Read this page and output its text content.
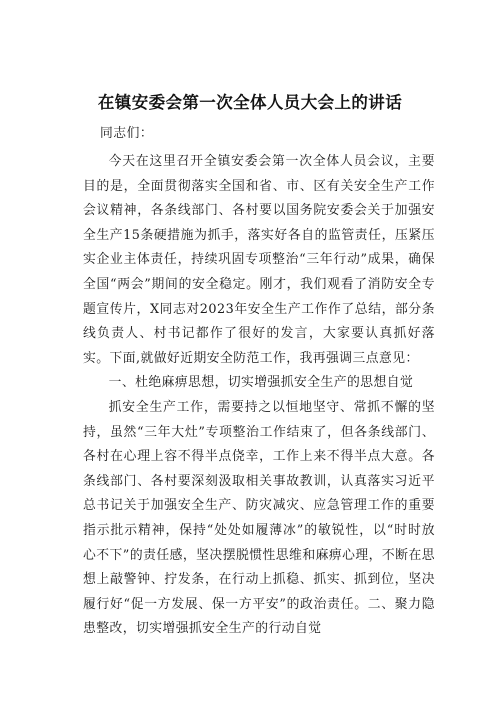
在镇安委会第一次全体人员大会上的讲话
同志们：

今天在这里召开全镇安委会第一次全体人员会议，主要目的是，全面贯彻落实全国和省、市、区有关安全生产工作会议精神，各条线部门、各村要以国务院安委会关于加强安全生产15条硬措施为抓手，落实好各自的监管责任，压紧压实企业主体责任，持续巩固专项整治“三年行动”成果，确保全国“两会”期间的安全稳定。刚才，我们观看了消防安全专题宣传片，X同志对2023年安全生产工作作了总结，部分条线负责人、村书记都作了很好的发言，大家要认真抓好落实。下面,就做好近期安全防范工作，我再强调三点意见：

一、杜绝麻痹思想，切实增强抓安全生产的思想自觉

抓安全生产工作，需要持之以恒地坚守、常抓不懈的坚持，虽然“三年大灶”专项整治工作结束了，但各条线部门、各村在心理上容不得半点侥幸，工作上来不得半点大意。各条线部门、各村要深刻汲取相关事故教训，认真落实习近平总书记关于加强安全生产、防灾减灾、应急管理工作的重要指示批示精神，保持“处处如履薄冰”的敏锐性，以“时时放心不下”的责任感，坚决摆脱惯性思维和麻痹心理，不断在思想上敲警钟、拧发条，在行动上抓稳、抓实、抓到位，坚决履行好“促一方发展、保一方平安”的政治责任。二、聚力隐患整改，切实增强抓安全生产的行动自觉
